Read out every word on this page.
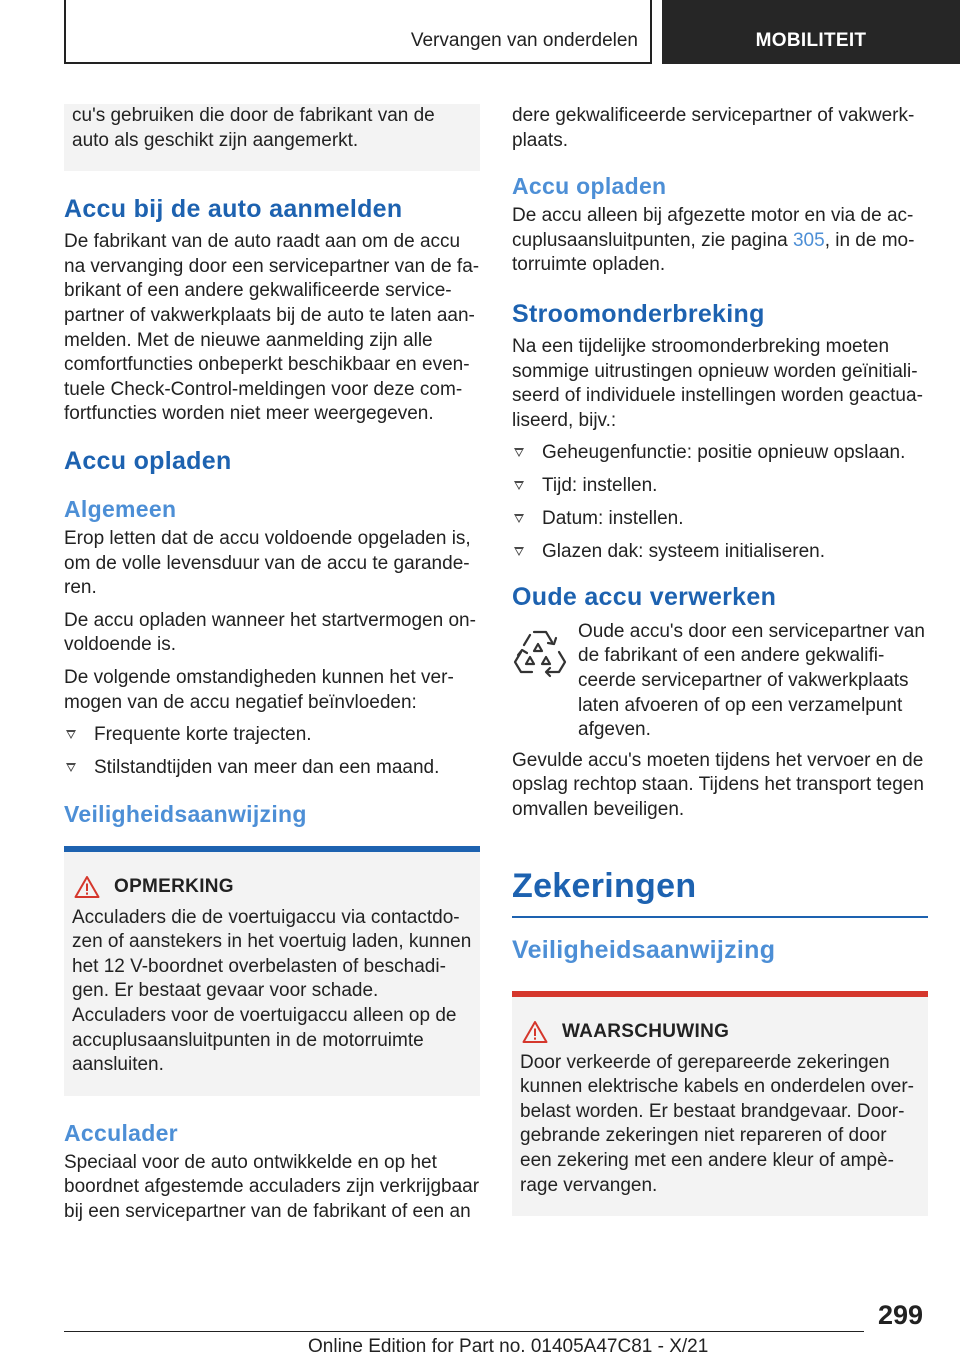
Vervangen van onderdelen	MOBILITEIT

cu's gebruiken die door de fabrikant van de auto als geschikt zijn aangemerkt.

Accu bij de auto aanmelden

De fabrikant van de auto raadt aan om de accu na vervanging door een servicepartner van de fabrikant of een andere gekwalificeerde servicepartner of vakwerkplaats bij de auto te laten aanmelden. Met de nieuwe aanmelding zijn alle comfortfuncties onbeperkt beschikbaar en eventuele Check-Control-meldingen voor deze comfortfuncties worden niet meer weergegeven.

Accu opladen
Algemeen

Erop letten dat de accu voldoende opgeladen is, om de volle levensduur van de accu te garanderen.

De accu opladen wanneer het startvermogen onvoldoende is.

De volgende omstandigheden kunnen het vermogen van de accu negatief beïnvloeden:

Frequente korte trajecten.
Stilstandtijden van meer dan een maand.
Veiligheidsaanwijzing
OPMERKING

Acculaders die de voertuigaccu via contactdozen of aanstekers in het voertuig laden, kunnen het 12 V-boordnet overbelasten of beschadigen. Er bestaat gevaar voor schade. Acculaders voor de voertuigaccu alleen op de accuplusaansluitpunten in de motorruimte aansluiten.

Acculader

Speciaal voor de auto ontwikkelde en op het boordnet afgestemde acculaders zijn verkrijgbaar bij een servicepartner van de fabrikant of een an

dere gekwalificeerde servicepartner of vakwerkplaats.

Accu opladen

De accu alleen bij afgezette motor en via de accuplusaansluitpunten, zie pagina 305, in de motorruimte opladen.

Stroomonderbreking

Na een tijdelijke stroomonderbreking moeten sommige uitrustingen opnieuw worden geïnitialiseerd of individuele instellingen worden geactualiseerd, bijv.:

Geheugenfunctie: positie opnieuw opslaan.
Tijd: instellen.
Datum: instellen.
Glazen dak: systeem initialiseren.
Oude accu verwerken

Oude accu's door een servicepartner van de fabrikant of een andere gekwalificeerde servicepartner of vakwerkplaats laten afvoeren of op een verzamelpunt afgeven.

Gevulde accu's moeten tijdens het vervoer en de opslag rechtop staan. Tijdens het transport tegen omvallen beveiligen.

Zekeringen
Veiligheidsaanwijzing
WAARSCHUWING

Door verkeerde of gerepareerde zekeringen kunnen elektrische kabels en onderdelen overbelast worden. Er bestaat brandgevaar. Doorgebrande zekeringen niet repareren of door een zekering met een andere kleur of ampèrage vervangen.

299
Online Edition for Part no. 01405A47C81 - X/21
